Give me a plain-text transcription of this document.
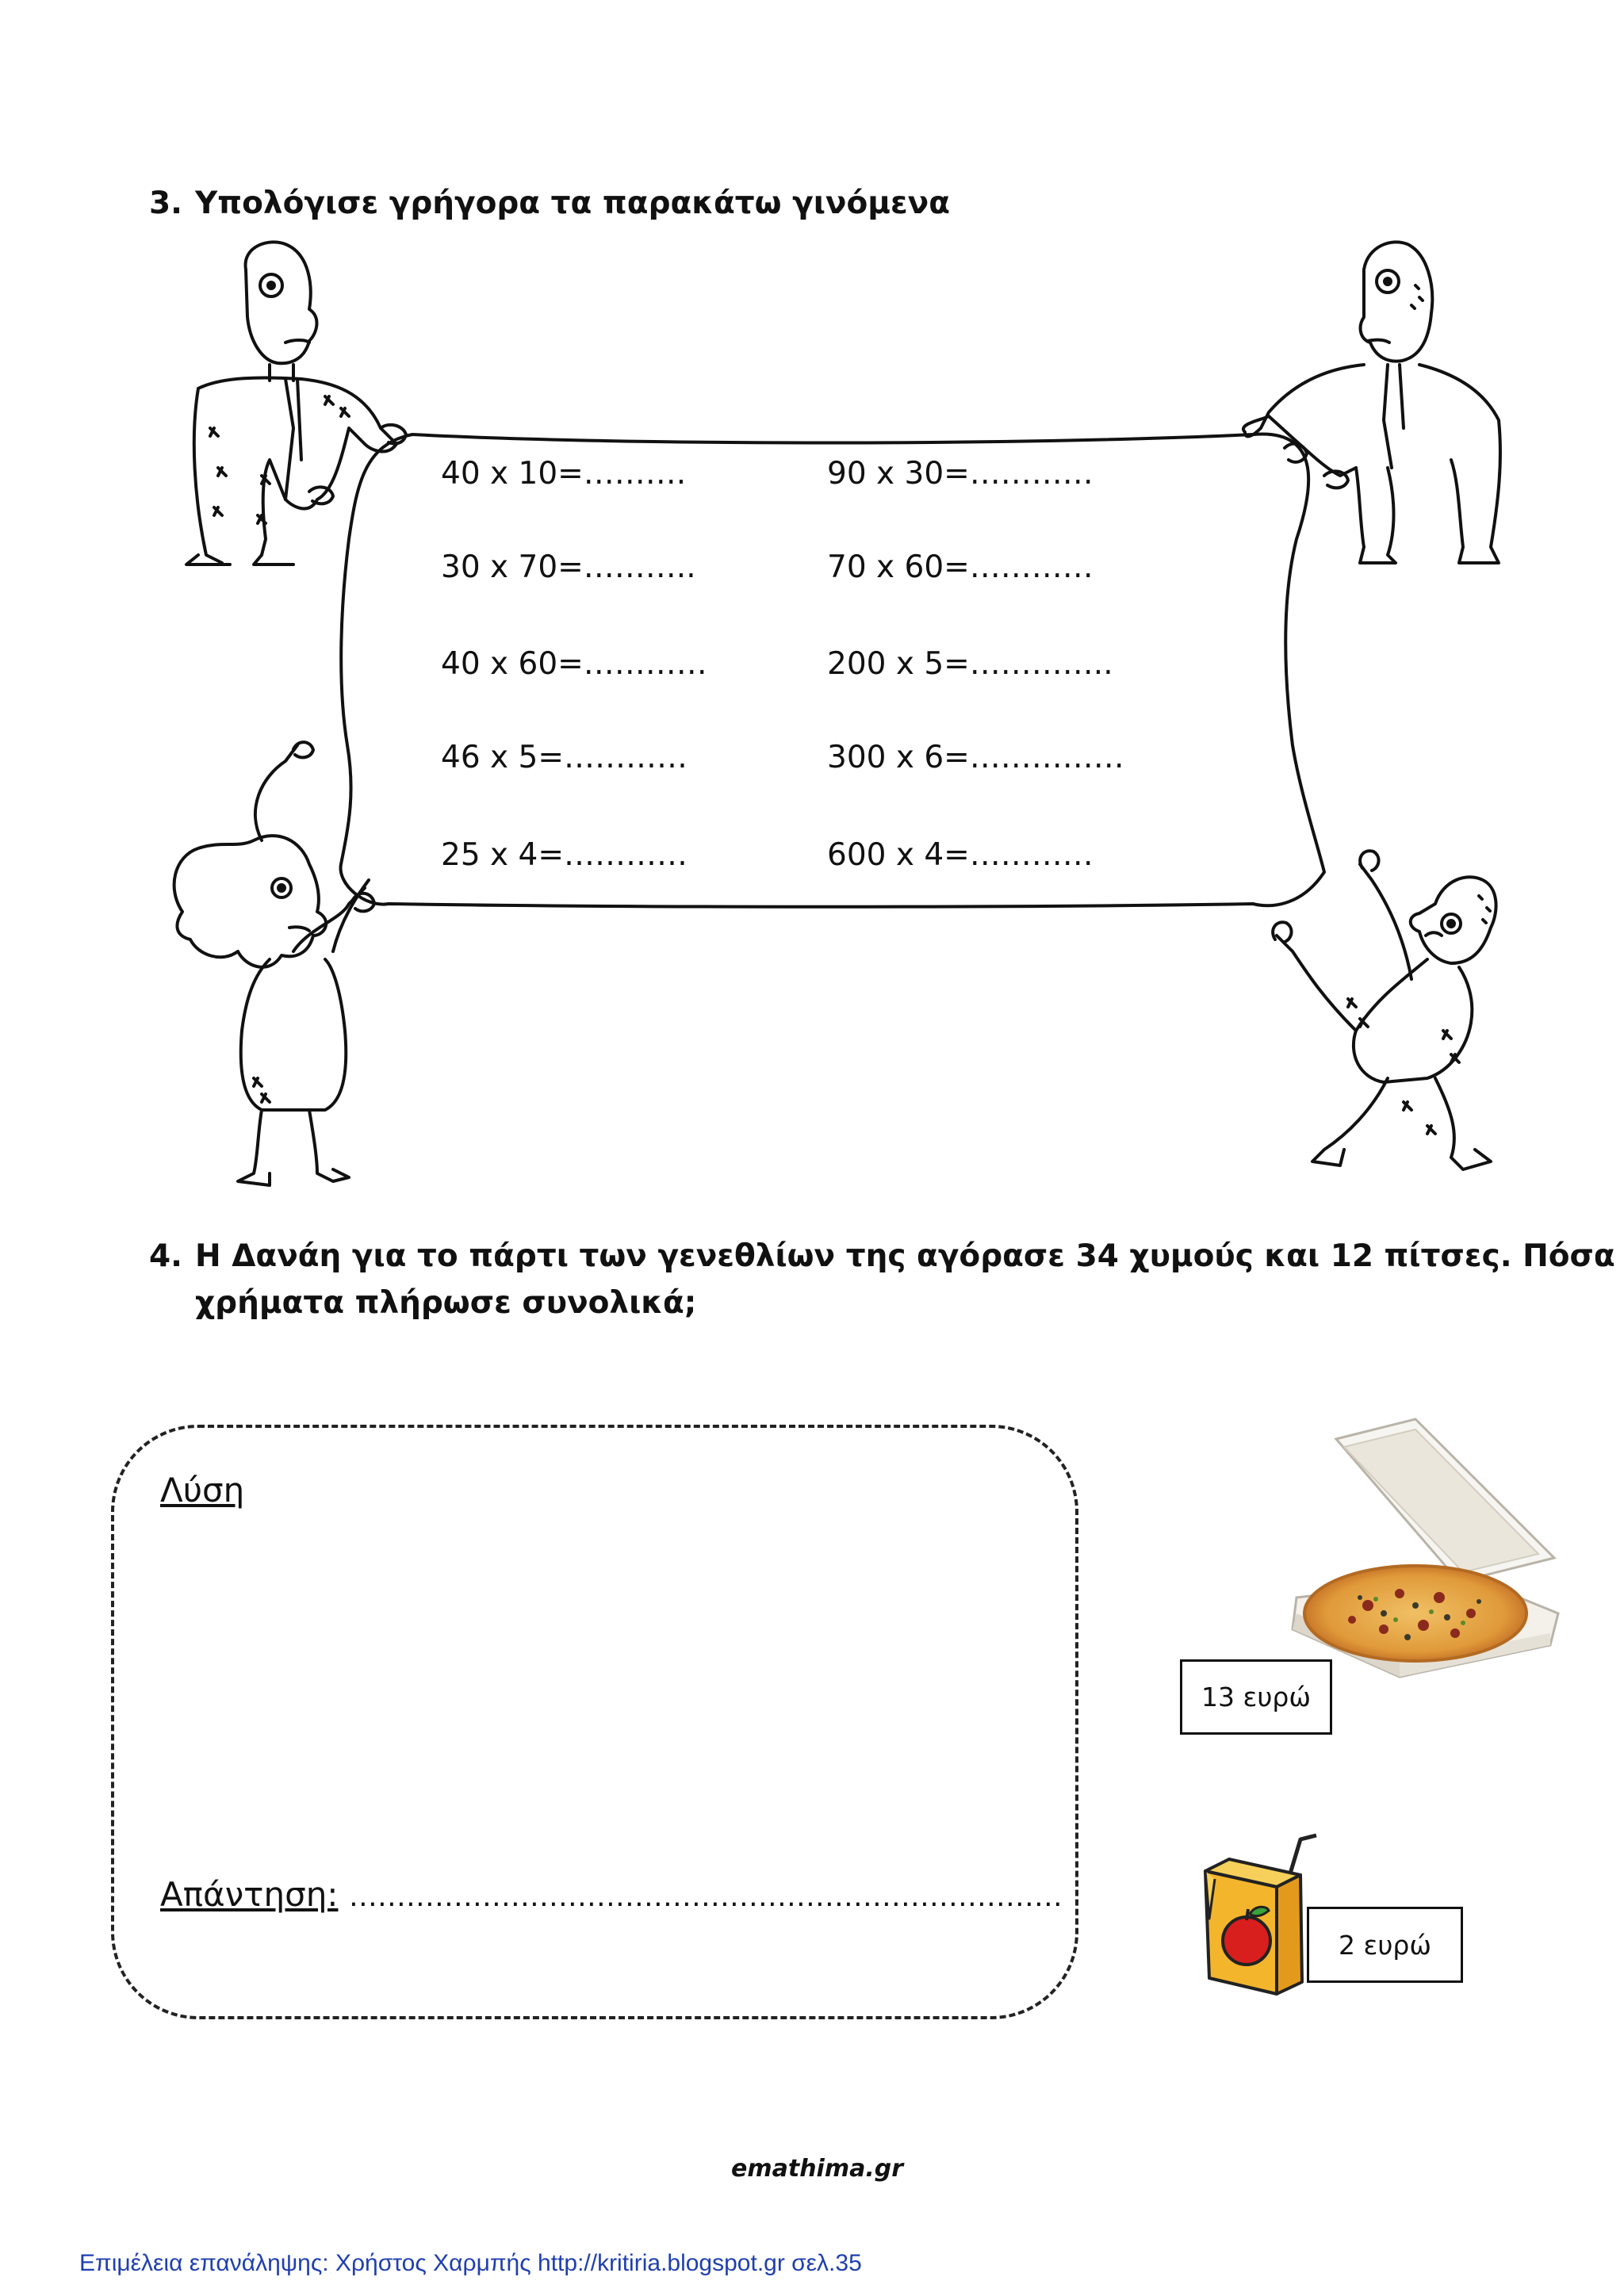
3. Υπολόγισε γρήγορα τα παρακάτω γινόμενα
40 x 10=……….
30 x 70=………..
40 x 60=…………
46 x 5=…………
25 x 4=…………
90 x 30=…………
70 x 60=…………
200 x 5=…………..
300 x 6=……………
600 x 4=…………
4. Η Δανάη για το πάρτι των γενεθλίων της αγόρασε 34 χυμούς και 12 πίτσες. Πόσα
χρήματα πλήρωσε συνολικά;
Λύση
Απάντηση: …………………………………………………………………
13 ευρώ
2 ευρώ
emathima.gr
Επιμέλεια επανάληψης: Χρήστος Χαρμπής http://kritiria.blogspot.gr σελ.35
